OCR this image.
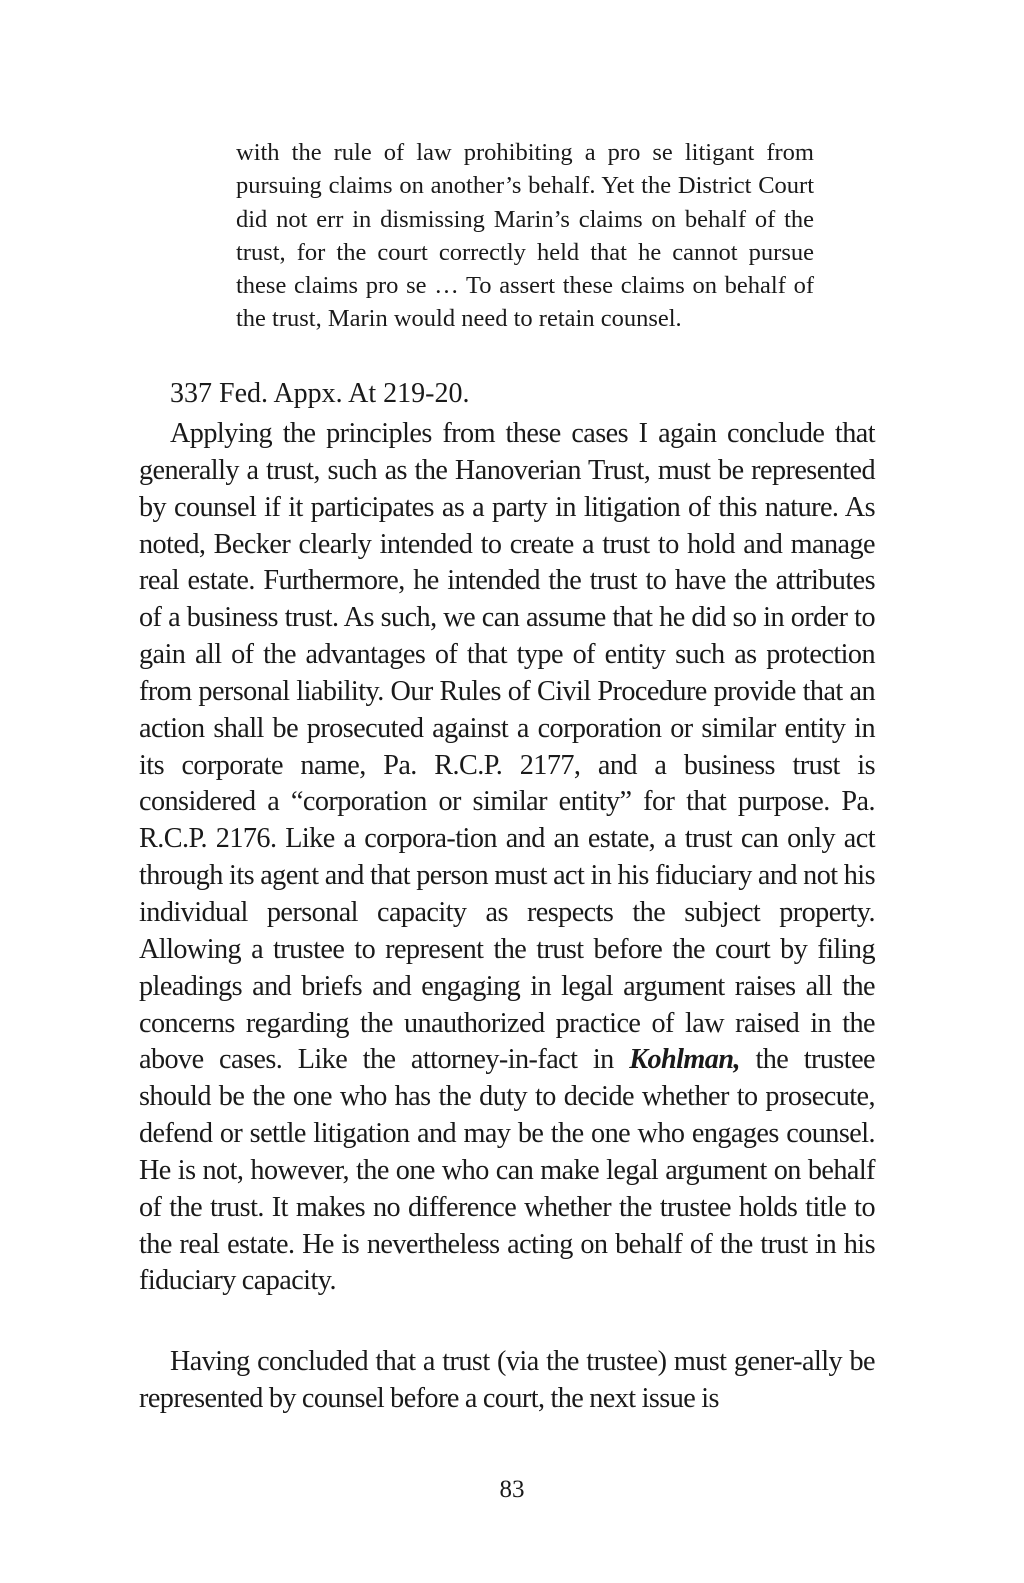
with the rule of law prohibiting a pro se litigant from pursuing claims on another’s behalf. Yet the District Court did not err in dismissing Marin’s claims on behalf of the trust, for the court correctly held that he cannot pursue these claims pro se … To assert these claims on behalf of the trust, Marin would need to retain counsel.

337 Fed. Appx. At 219-20.

Applying the principles from these cases I again conclude that generally a trust, such as the Hanoverian Trust, must be represented by counsel if it participates as a party in litigation of this nature. As noted, Becker clearly intended to create a trust to hold and manage real estate. Furthermore, he intended the trust to have the attributes of a business trust. As such, we can assume that he did so in order to gain all of the advantages of that type of entity such as protection from personal liability. Our Rules of Civil Procedure provide that an action shall be prosecuted against a corporation or similar entity in its corporate name, Pa. R.C.P. 2177, and a business trust is considered a “corporation or similar entity” for that purpose. Pa. R.C.P. 2176. Like a corpora-tion and an estate, a trust can only act through its agent and that person must act in his fiduciary and not his individual personal capacity as respects the subject property. Allowing a trustee to represent the trust before the court by filing pleadings and briefs and engaging in legal argument raises all the concerns regarding the unauthorized practice of law raised in the above cases. Like the attorney-in-fact in Kohlman, the trustee should be the one who has the duty to decide whether to prosecute, defend or settle litigation and may be the one who engages counsel. He is not, however, the one who can make legal argument on behalf of the trust. It makes no difference whether the trustee holds title to the real estate. He is nevertheless acting on behalf of the trust in his fiduciary capacity.

Having concluded that a trust (via the trustee) must gener-ally be represented by counsel before a court, the next issue is

83
